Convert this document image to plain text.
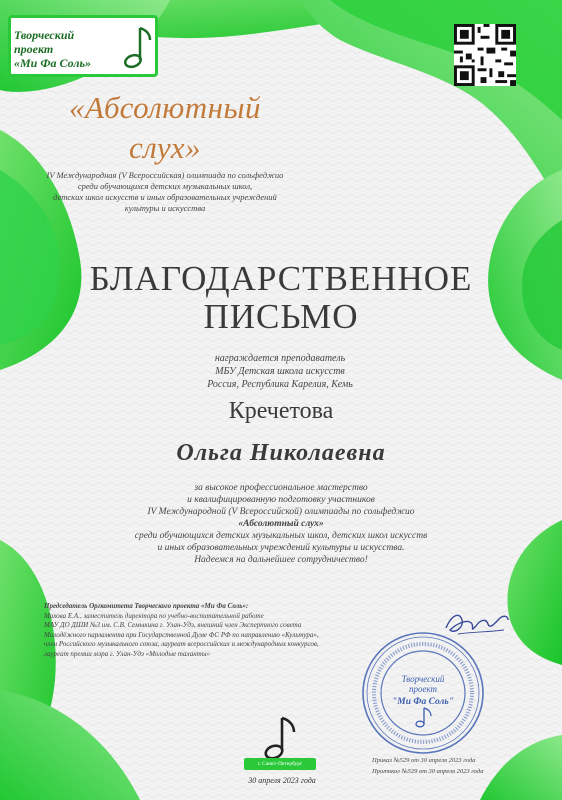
Творческий проект
«Ми Фа Соль»
«Абсолютный слух»
IV Международная (V Всероссийская) олимпиада по сольфеджио
среди обучающихся детских музыкальных школ,
детских школ искусств и иных образовательных учреждений
культуры и искусства
БЛАГОДАРСТВЕННОЕ
ПИСЬМО
награждается преподаватель
МБУ Детская школа искусств
Россия, Республика Карелия, Кемь
Кречетова
Ольга Николаевна
за высокое профессиональное мастерство
и квалифицированную подготовку участников
IV Международной (V Всероссийской) олимпиады по сольфеджио
«Абсолютный слух»
среди обучающихся детских музыкальных школ, детских школ искусств
и иных образовательных учреждений культуры и искусства.
Надеемся на дальнейшее сотрудничество!
Председатель Оргкомитета Творческого проекта «Ми Фа Соль»:
Махова Е.А., заместитель директора по учебно-воспитательной работе
МАУ ДО ДШИ №3 им. С.В. Семыкина г. Улан-Удэ, внешний член Экспертного совета
Молодёжного парламента при Государственной Думе ФС РФ по направлению «Культура»,
член Российского музыкального союза, лауреат всероссийских и международных конкурсов,
лауреат премии мэра г. Улан-Удэ «Молодые таланты»
Творческий
проект
"Ми Фа Соль"
г. Санкт-Петербург
30 апреля 2023 года
Приказ №529 от 30 апреля 2023 года
Протокол №529 от 30 апреля 2023 года
